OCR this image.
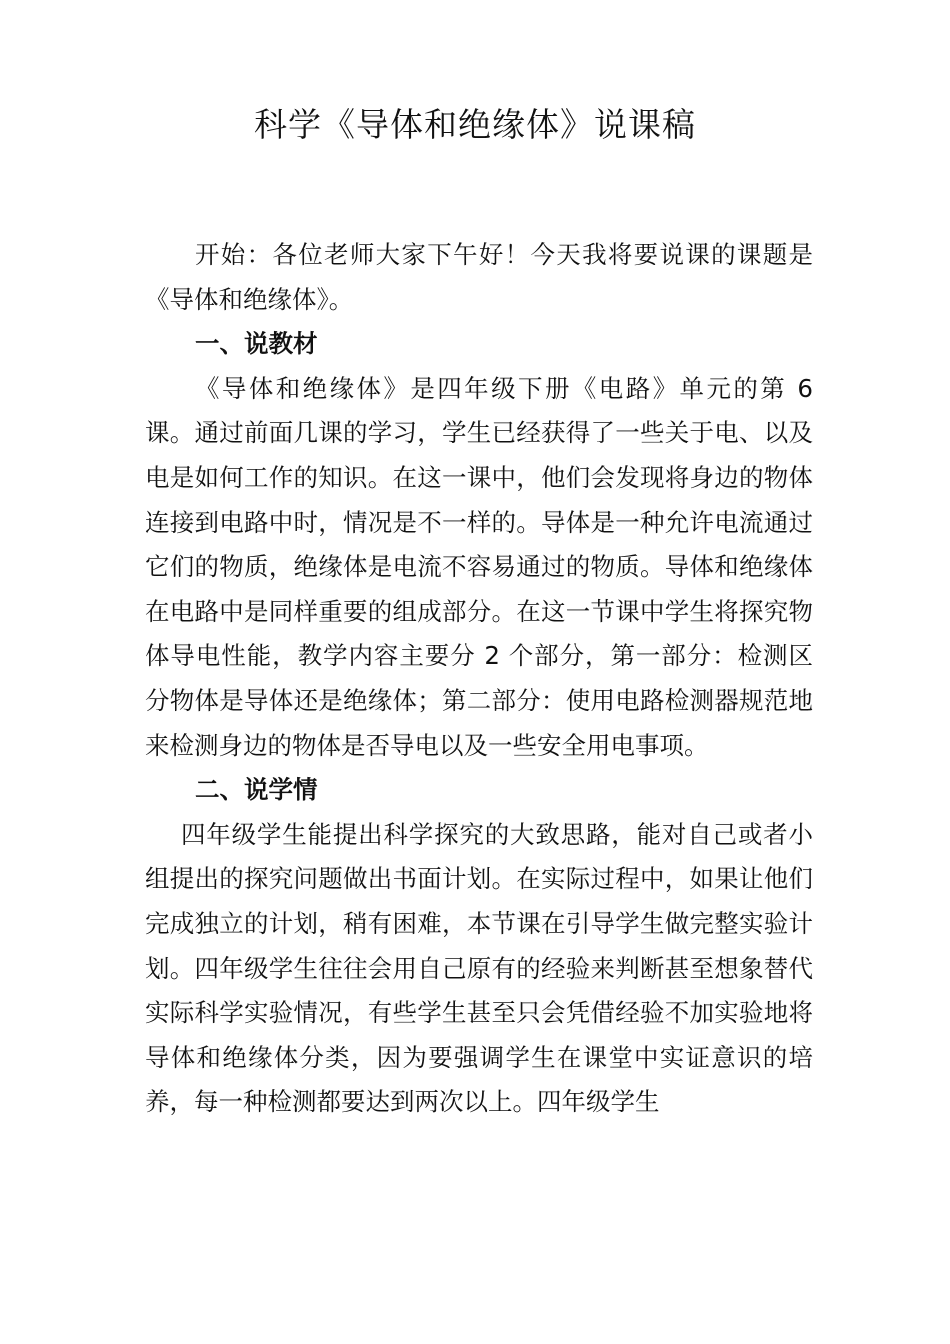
科学《导体和绝缘体》说课稿

开始：各位老师大家下午好！今天我将要说课的课题是《导体和绝缘体》。

一、说教材

《导体和绝缘体》是四年级下册《电路》单元的第 6 课。通过前面几课的学习，学生已经获得了一些关于电、以及电是如何工作的知识。在这一课中，他们会发现将身边的物体连接到电路中时，情况是不一样的。导体是一种允许电流通过它们的物质，绝缘体是电流不容易通过的物质。导体和绝缘体在电路中是同样重要的组成部分。在这一节课中学生将探究物体导电性能，教学内容主要分 2 个部分，第一部分：检测区分物体是导体还是绝缘体；第二部分：使用电路检测器规范地来检测身边的物体是否导电以及一些安全用电事项。

二、说学情

四年级学生能提出科学探究的大致思路，能对自己或者小组提出的探究问题做出书面计划。在实际过程中，如果让他们完成独立的计划，稍有困难，本节课在引导学生做完整实验计划。四年级学生往往会用自己原有的经验来判断甚至想象替代实际科学实验情况，有些学生甚至只会凭借经验不加实验地将导体和绝缘体分类，因为要强调学生在课堂中实证意识的培养，每一种检测都要达到两次以上。四年级学生
